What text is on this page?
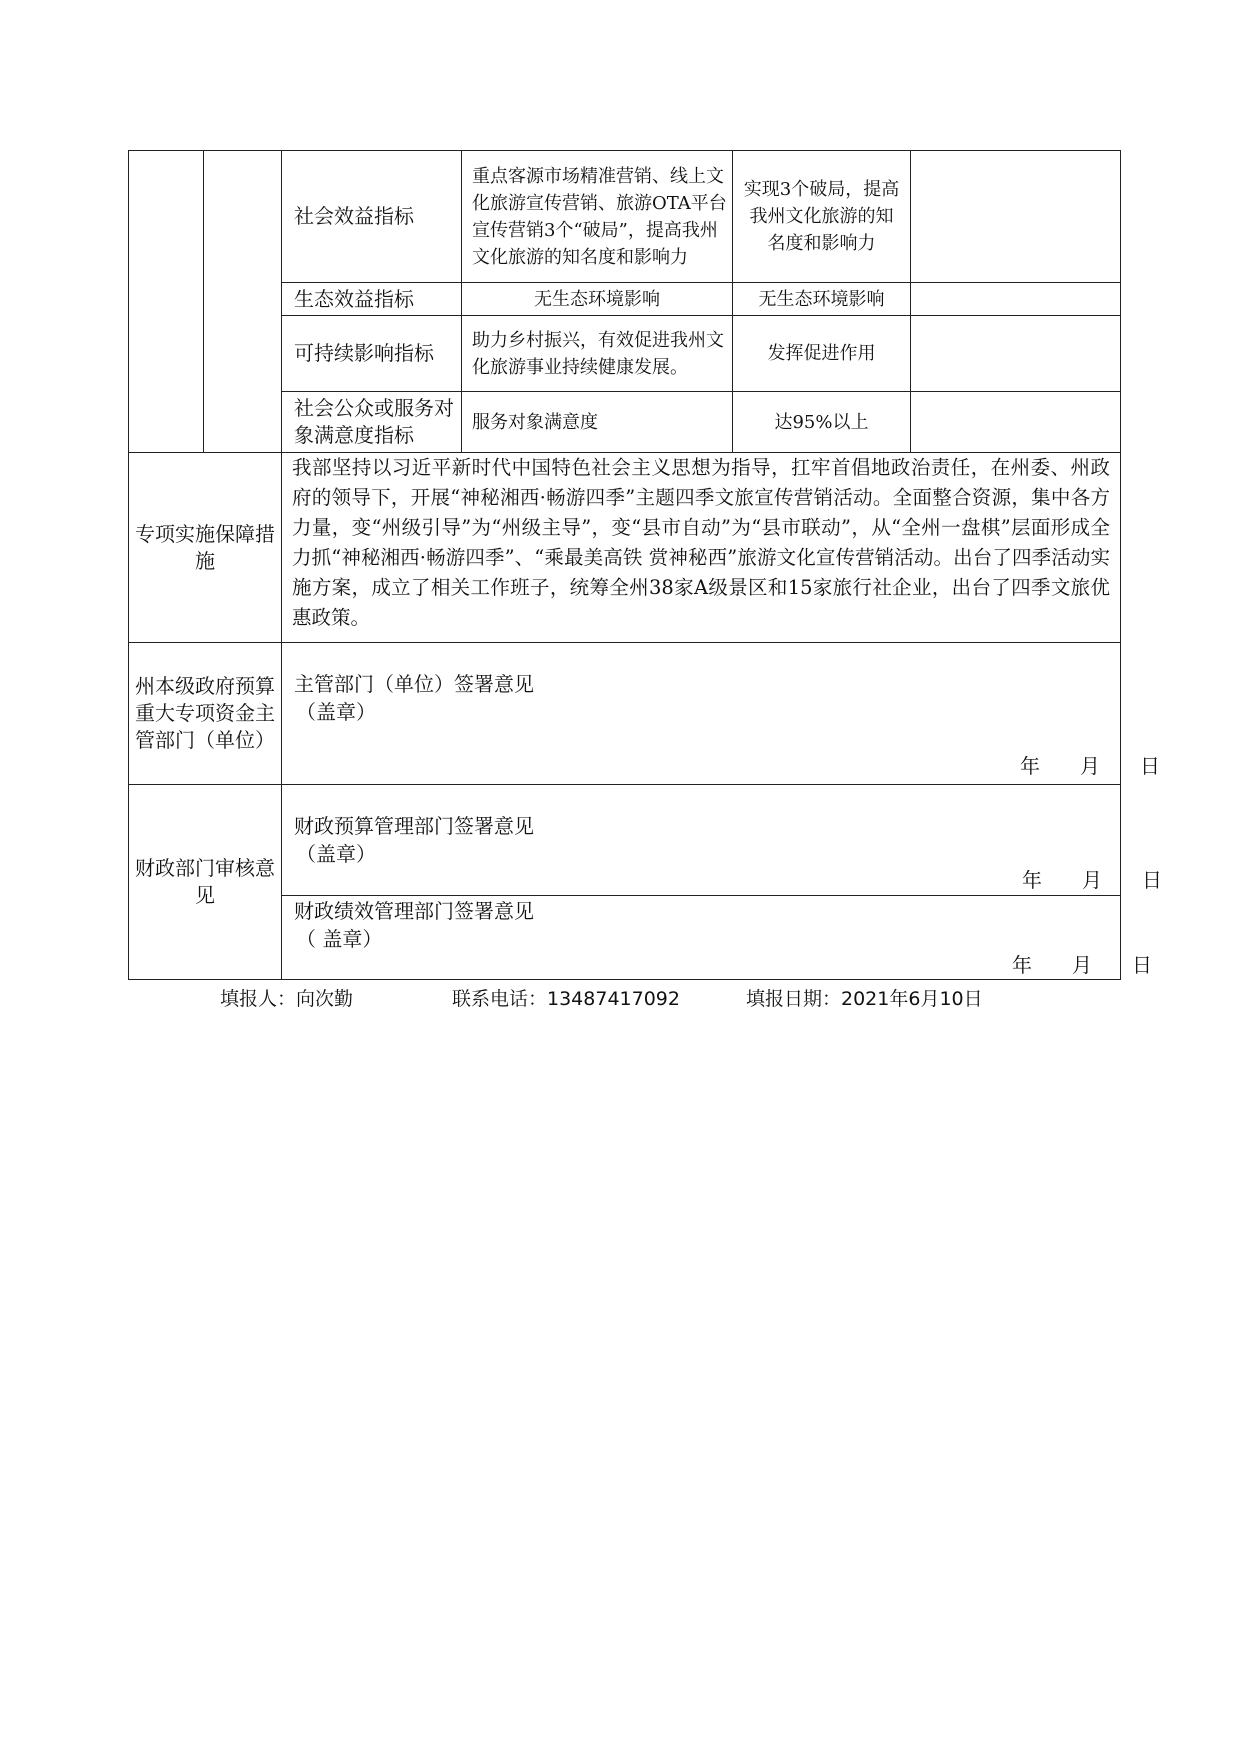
		社会效益指标	重点客源市场精准营销、线上文化旅游宣传营销、旅游OTA平台宣传营销3个“破局”，提高我州文化旅游的知名度和影响力	实现3个破局，提高我州文化旅游的知名度和影响力	
		生态效益指标	无生态环境影响	无生态环境影响	
		可持续影响指标	助力乡村振兴，有效促进我州文化旅游事业持续健康发展。	发挥促进作用	
		社会公众或服务对象满意度指标	服务对象满意度	达95%以上	
专项实施保障措施		我部坚持以习近平新时代中国特色社会主义思想为指导，扛牢首倡地政治责任，在州委、州政府的领导下，开展“神秘湘西·畅游四季”主题四季文旅宣传营销活动。全面整合资源，集中各方力量，变“州级引导”为“州级主导”，变“县市自动”为“县市联动”，从“全州一盘棋”层面形成全力抓“神秘湘西·畅游四季”、“乘最美高铁 赏神秘西”旅游文化宣传营销活动。出台了四季活动实施方案，成立了相关工作班子，统筹全州38家A级景区和15家旅行社企业，出台了四季文旅优惠政策。			
州本级政府预算重大专项资金主管部门（单位）		主管部门（单位）签署意见
（盖章）
年　　月　　日			

财政部门审核意见		财政预算管理部门签署意见
（盖章）
年　　月　　日			

		财政绩效管理部门签署意见
（ 盖章）
年　　月　　日			
填报人：向次勤	联系电话：13487417092	填报日期：2021年6月10日
